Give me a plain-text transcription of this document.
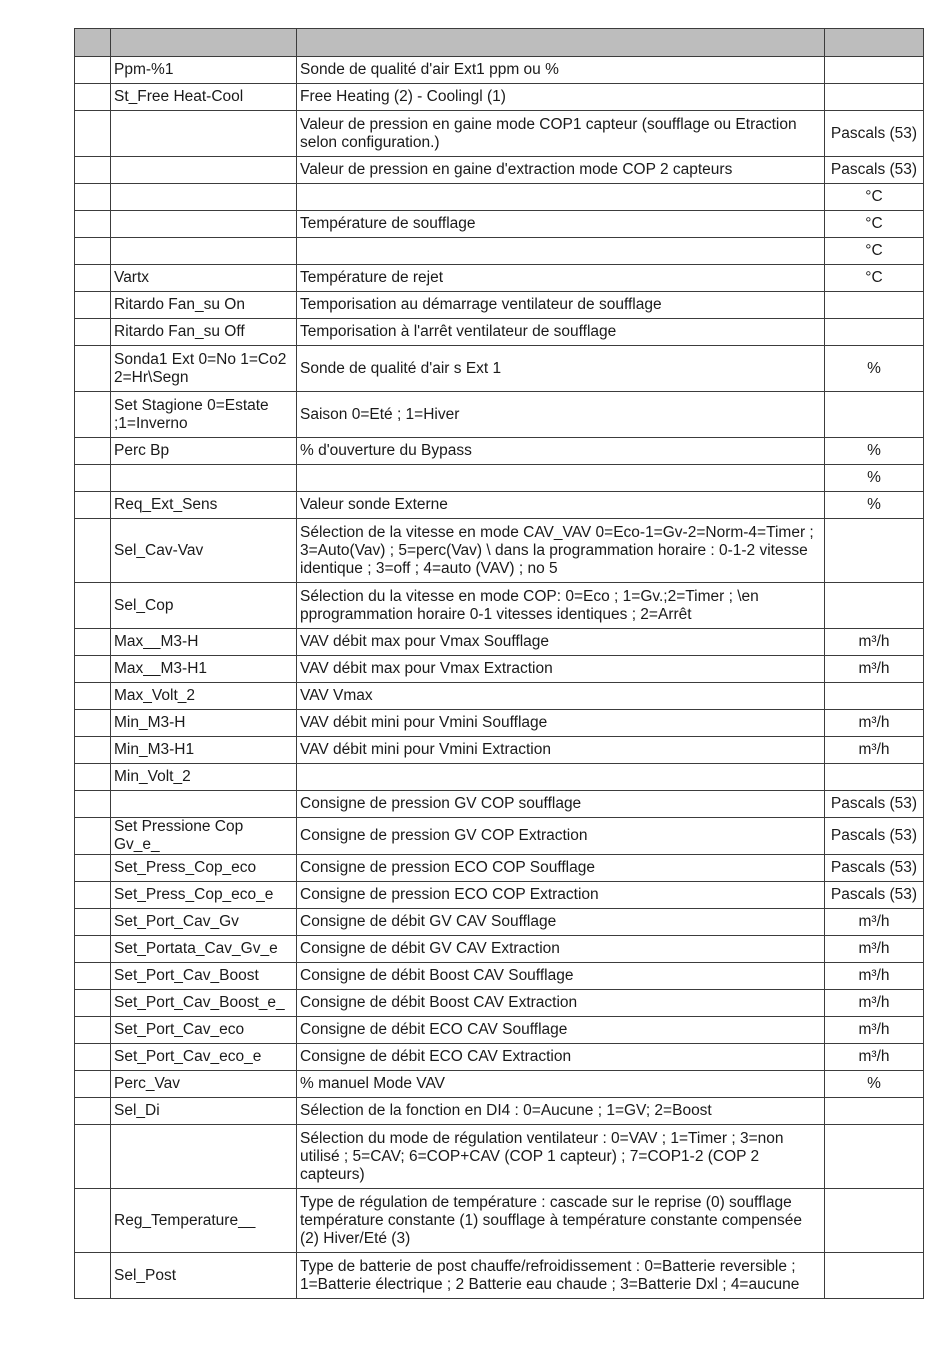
	Ppm-%1	Sonde de qualité d'air Ext1 ppm ou %	
	St_Free Heat-Cool	Free Heating (2) - Coolingl (1)	
		Valeur de pression en gaine mode COP1 capteur (soufflage ou Etraction selon configuration.)	Pascals (53)
		Valeur de pression en gaine d'extraction mode COP 2 capteurs	Pascals (53)
			°C
		Température de soufflage	°C
			°C
	Vartx	Température de rejet	°C
	Ritardo Fan_su On	Temporisation au démarrage ventilateur de soufflage	
	Ritardo Fan_su Off	Temporisation à l'arrêt ventilateur de soufflage	
	Sonda1 Ext 0=No 1=Co2 2=Hr\Segn	Sonde de qualité d'air s Ext 1	%
	Set Stagione 0=Estate ;1=Inverno	Saison 0=Eté ; 1=Hiver	
	Perc Bp	% d'ouverture du Bypass	%
			%
	Req_Ext_Sens	Valeur sonde Externe	%
	Sel_Cav-Vav	Sélection de la vitesse en mode CAV_VAV 0=Eco-1=Gv-2=Norm-4=Timer ; 3=Auto(Vav) ; 5=perc(Vav) \ dans la programmation horaire : 0-1-2 vitesse identique ; 3=off ; 4=auto (VAV) ; no 5	
	Sel_Cop	Sélection du la vitesse en mode COP: 0=Eco ; 1=Gv.;2=Timer ; \en pprogrammation horaire 0-1 vitesses identiques ; 2=Arrêt	
	Max__M3-H	VAV débit max pour Vmax Soufflage	m³/h
	Max__M3-H1	VAV débit max pour Vmax Extraction	m³/h
	Max_Volt_2	VAV Vmax	
	Min_M3-H	VAV débit mini pour Vmini Soufflage	m³/h
	Min_M3-H1	VAV débit mini pour Vmini Extraction	m³/h
	Min_Volt_2		
		Consigne de pression GV COP soufflage	Pascals (53)
	Set Pressione Cop Gv_e_	Consigne de pression GV COP Extraction	Pascals (53)
	Set_Press_Cop_eco	Consigne de pression ECO COP Soufflage	Pascals (53)
	Set_Press_Cop_eco_e	Consigne de pression ECO COP Extraction	Pascals (53)
	Set_Port_Cav_Gv	Consigne de débit GV CAV Soufflage	m³/h
	Set_Portata_Cav_Gv_e	Consigne de débit GV CAV Extraction	m³/h
	Set_Port_Cav_Boost	Consigne de débit Boost CAV Soufflage	m³/h
	Set_Port_Cav_Boost_e_	Consigne de débit Boost CAV Extraction	m³/h
	Set_Port_Cav_eco	Consigne de débit ECO CAV Soufflage	m³/h
	Set_Port_Cav_eco_e	Consigne de débit ECO CAV Extraction	m³/h
	Perc_Vav	% manuel Mode VAV	%
	Sel_Di	Sélection de la fonction en DI4 : 0=Aucune ; 1=GV; 2=Boost	
		Sélection du mode de régulation ventilateur : 0=VAV ; 1=Timer ; 3=non utilisé ; 5=CAV; 6=COP+CAV (COP 1 capteur) ; 7=COP1-2 (COP 2 capteurs)	
	Reg_Temperature__	Type de régulation de température : cascade sur le reprise (0) soufflage température constante (1) soufflage à température constante compensée (2) Hiver/Eté (3)	
	Sel_Post	Type de batterie de post chauffe/refroidissement : 0=Batterie reversible ; 1=Batterie électrique ; 2 Batterie eau chaude ; 3=Batterie Dxl ; 4=aucune	
